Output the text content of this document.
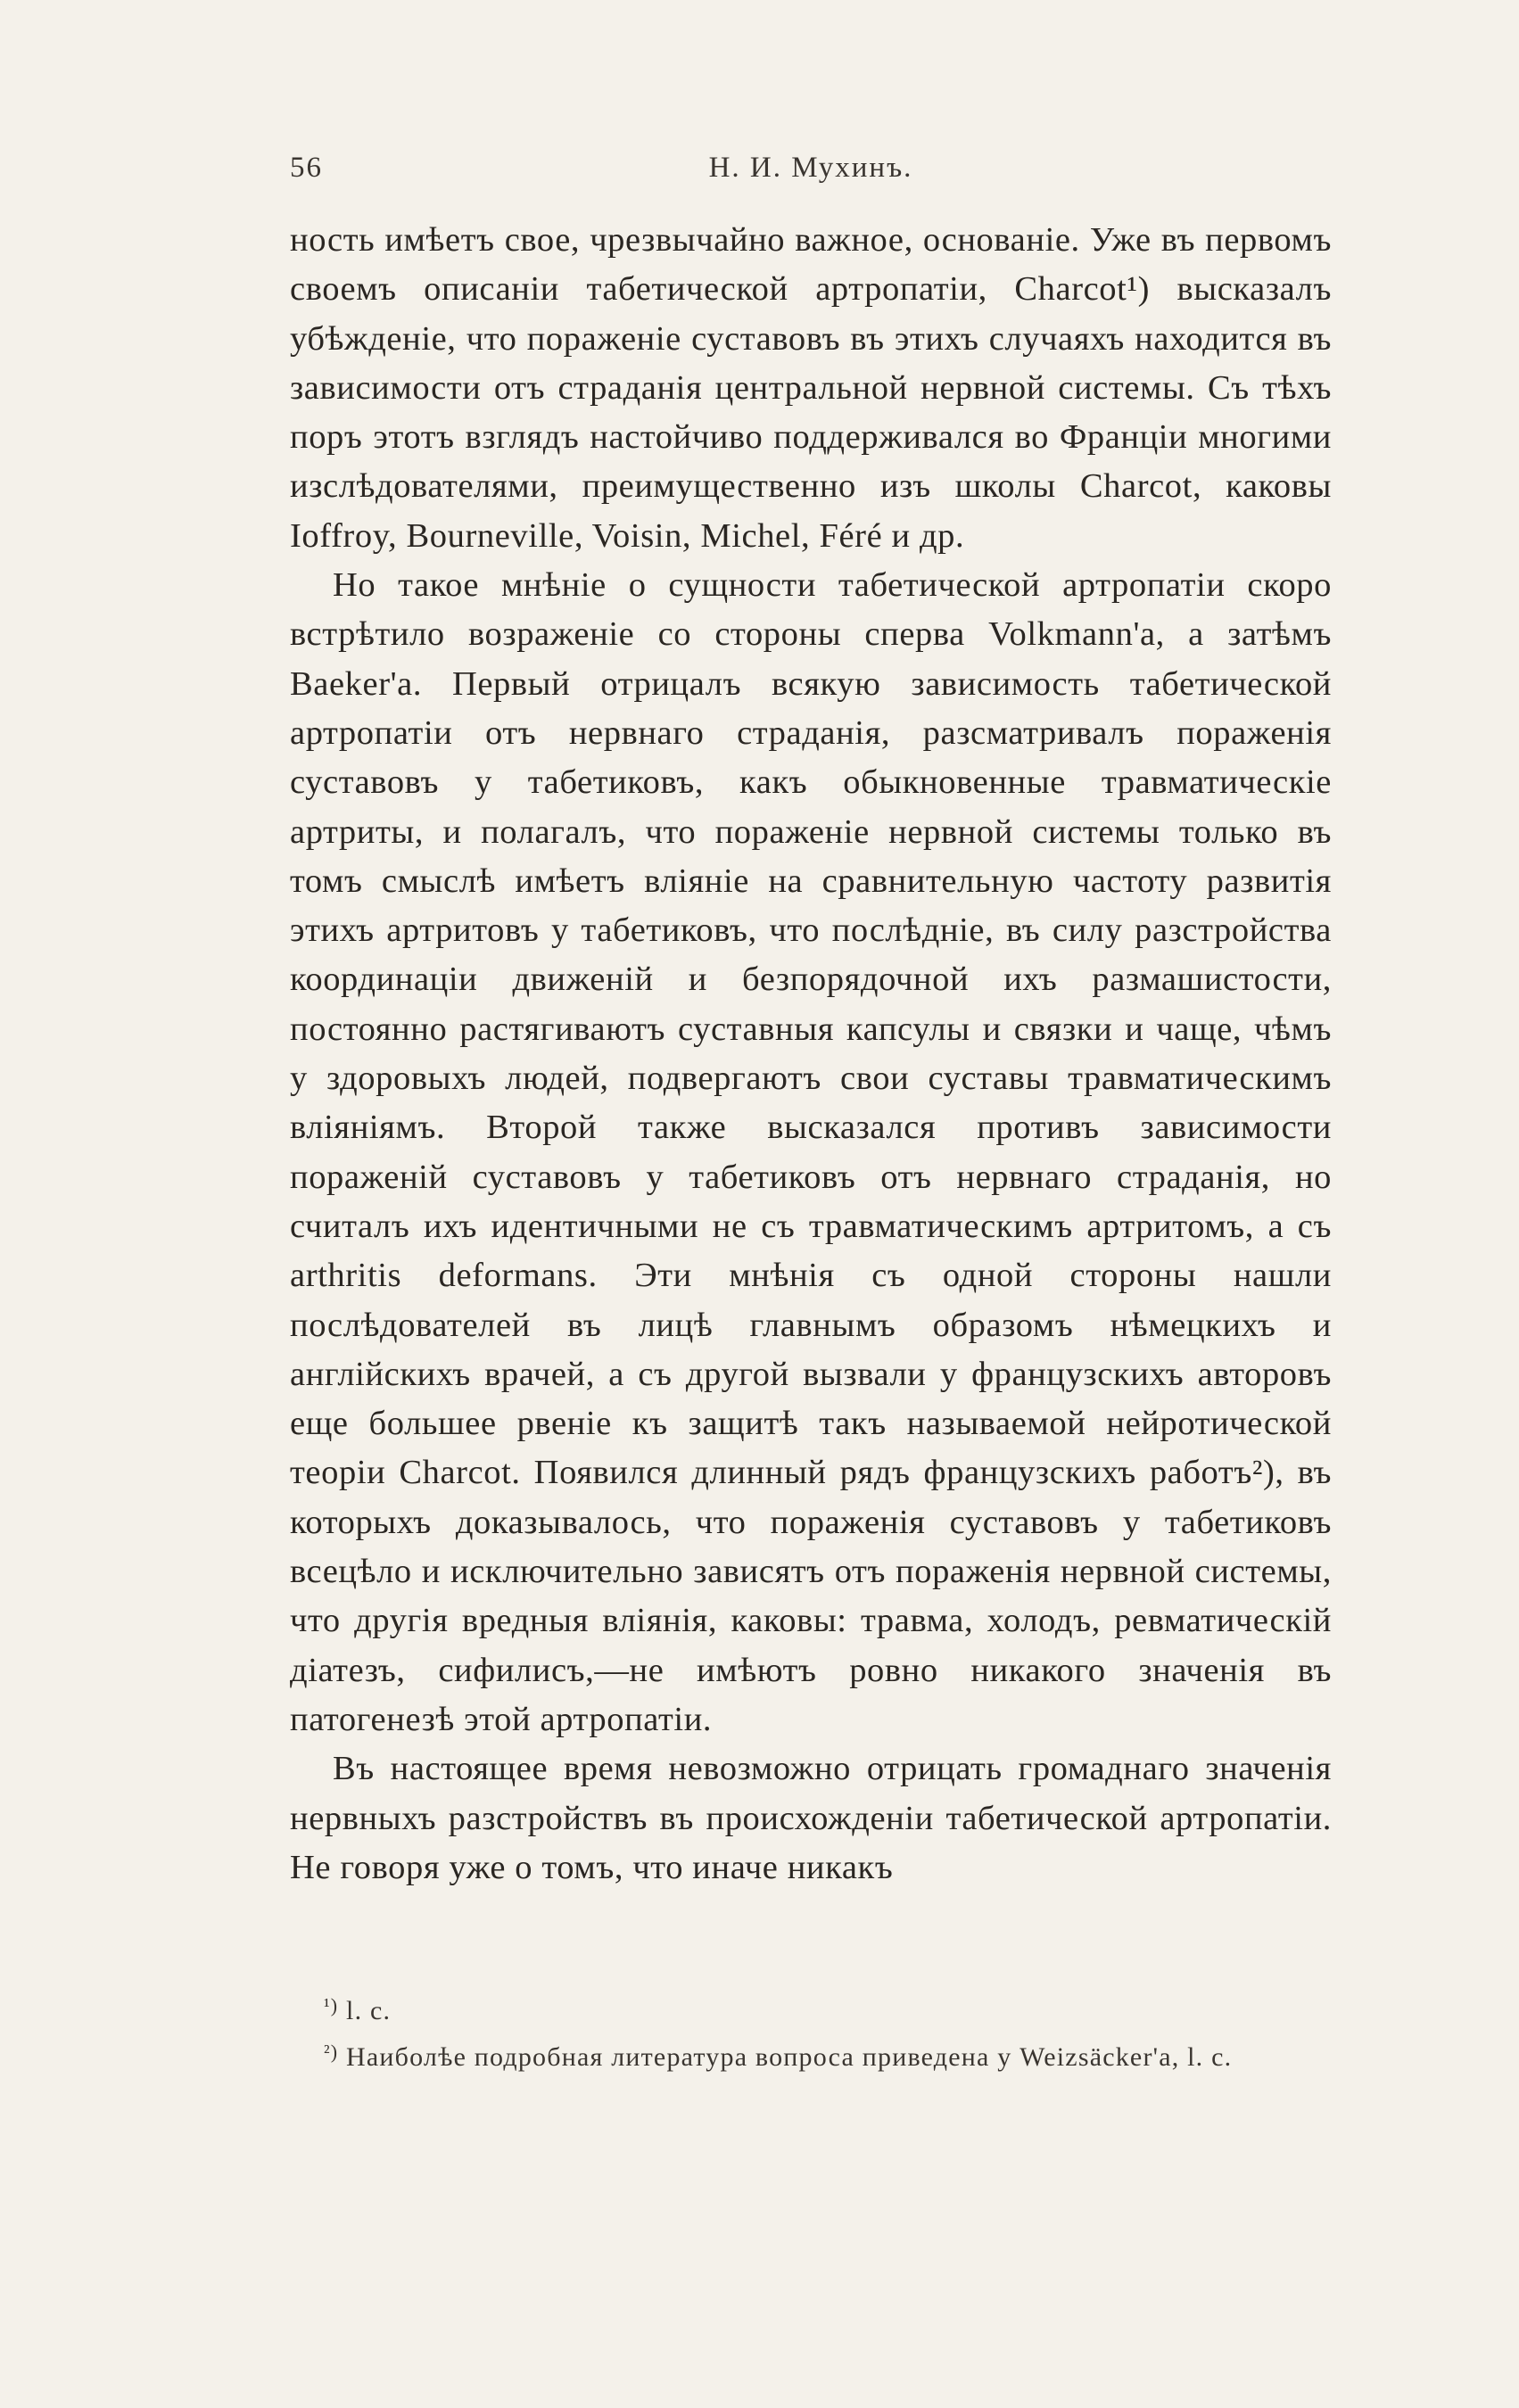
56	Н. И. Мухинъ.

ность имѣетъ свое, чрезвычайно важное, основаніе. Уже въ первомъ своемъ описаніи табетической артропатіи, Charcot¹) высказалъ убѣжденіе, что пораженіе суставовъ въ этихъ случаяхъ находится въ зависимости отъ страданія центральной нервной системы. Съ тѣхъ поръ этотъ взглядъ настойчиво поддерживался во Франціи многими изслѣдователями, преимущественно изъ школы Charcot, каковы Ioffroy, Bourneville, Voisin, Michel, Féré и др.

Но такое мнѣніе о сущности табетической артропатіи скоро встрѣтило возраженіе со стороны сперва Volkmann'a, а затѣмъ Baeker'a. Первый отрицалъ всякую зависимость табетической артропатіи отъ нервнаго страданія, разсматривалъ пораженія суставовъ у табетиковъ, какъ обыкновенные травматическіе артриты, и полагалъ, что пораженіе нервной системы только въ томъ смыслѣ имѣетъ вліяніе на сравнительную частоту развитія этихъ артритовъ у табетиковъ, что послѣдніе, въ силу разстройства координаціи движеній и безпорядочной ихъ размашистости, постоянно растягиваютъ суставныя капсулы и связки и чаще, чѣмъ у здоровыхъ людей, подвергаютъ свои суставы травматическимъ вліяніямъ. Второй также высказался противъ зависимости пораженій суставовъ у табетиковъ отъ нервнаго страданія, но считалъ ихъ идентичными не съ травматическимъ артритомъ, а съ arthritis deformans. Эти мнѣнія съ одной стороны нашли послѣдователей въ лицѣ главнымъ образомъ нѣмецкихъ и англійскихъ врачей, а съ другой вызвали у французскихъ авторовъ еще большее рвеніе къ защитѣ такъ называемой нейротической теоріи Charcot. Появился длинный рядъ французскихъ работъ²), въ которыхъ доказывалось, что пораженія суставовъ у табетиковъ всецѣло и исключительно зависятъ отъ пораженія нервной системы, что другія вредныя вліянія, каковы: травма, холодъ, ревматическій діатезъ, сифилисъ,—не имѣютъ ровно никакого значенія въ патогенезѣ этой артропатіи.

Въ настоящее время невозможно отрицать громаднаго значенія нервныхъ разстройствъ въ происхожденіи табетической артропатіи. Не говоря уже о томъ, что иначе никакъ

$^{^1)}$ l. c.

$^{^2)}$ Наиболѣе подробная литература вопроса приведена у Weizsäcker'a, l. c.
